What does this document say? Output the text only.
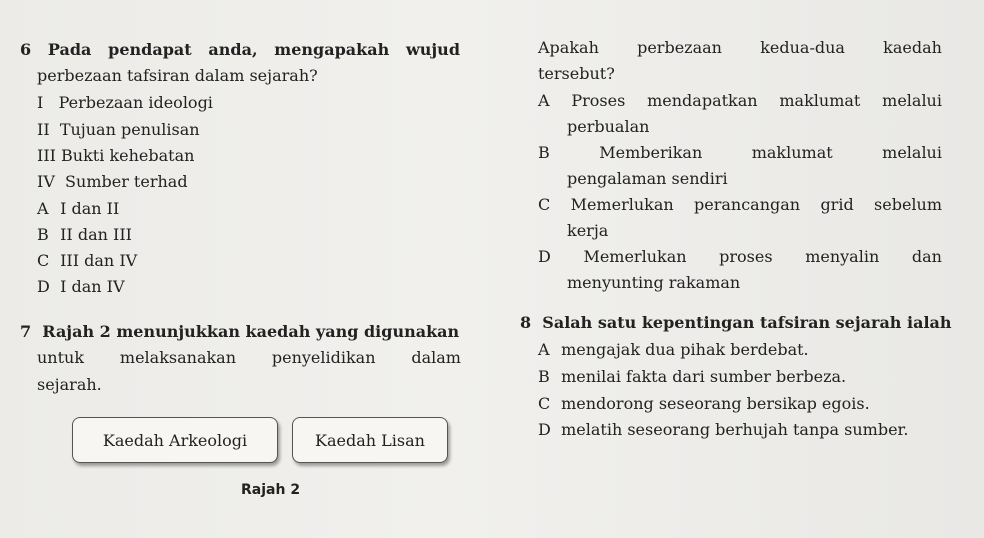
6 Pada pendapat anda, mengapakah wujud
perbezaan tafsiran dalam sejarah?
I   Perbezaan ideologi
II  Tujuan penulisan
III Bukti kehebatan
IV  Sumber terhad
A I dan II
B II dan III
C III dan IV
D I dan IV
Apakah perbezaan kedua-dua kaedah
tersebut?
A Proses mendapatkan maklumat melalui
perbualan
B	Memberikan	maklumat	melalui
pengalaman sendiri
C Memerlukan perancangan grid sebelum
kerja
D Memerlukan proses menyalin dan
menyunting rakaman
7  Rajah 2 menunjukkan kaedah yang digunakan
untuk melaksanakan penyelidikan dalam
sejarah.
Kaedah Arkeologi	Kaedah Lisan
Rajah 2
8  Salah satu kepentingan tafsiran sejarah ialah
A mengajak dua pihak berdebat.
B menilai fakta dari sumber berbeza.
C mendorong seseorang bersikap egois.
D melatih seseorang berhujah tanpa sumber.
